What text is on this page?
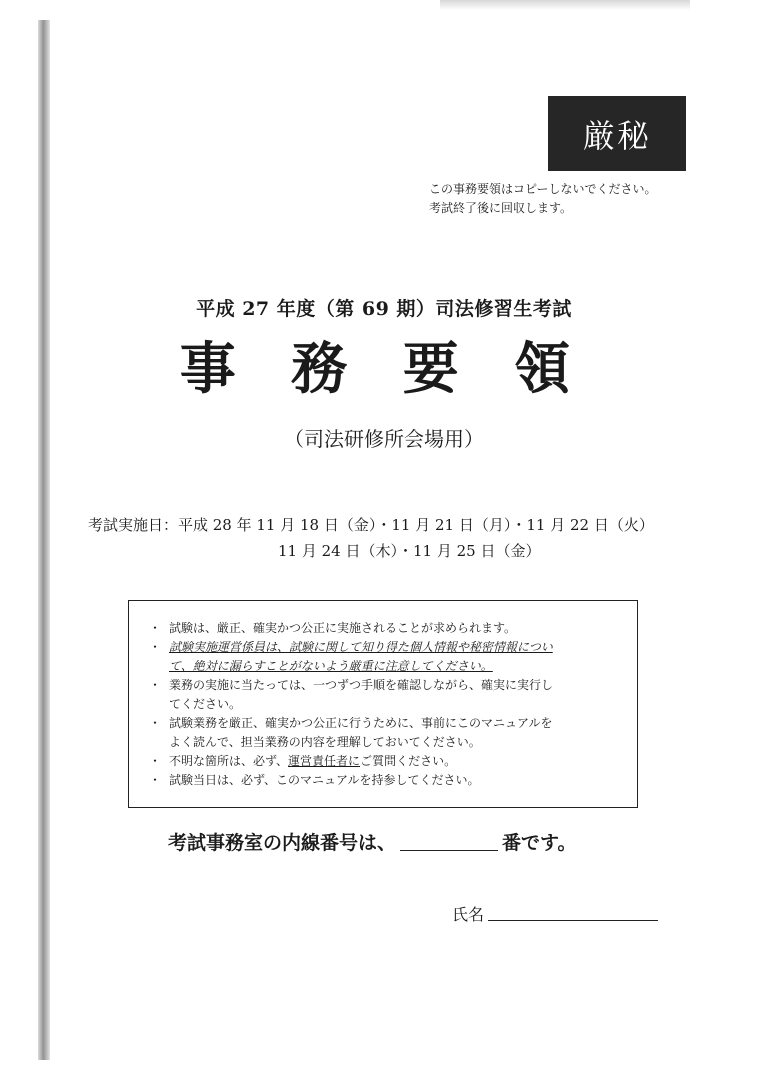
厳秘
この事務要領はコピーしないでください。
考試終了後に回収します。
平成 27 年度（第 69 期）司法修習生考試
事 務 要 領
（司法研修所会場用）
考試実施日：平成 28 年 11 月 18 日（金）・11 月 21 日（月）・11 月 22 日（火）
11 月 24 日（木）・11 月 25 日（金）
・ 試験は、厳正、確実かつ公正に実施されることが求められます。
・ 試験実施運営係員は、試験に関して知り得た個人情報や秘密情報につい
て、絶対に漏らすことがないよう厳重に注意してください。
・ 業務の実施に当たっては、一つずつ手順を確認しながら、確実に実行し
てください。
・ 試験業務を厳正、確実かつ公正に行うために、事前にこのマニュアルを
よく読んで、担当業務の内容を理解しておいてください。
・ 不明な箇所は、必ず、運営責任者にご質問ください。
・ 試験当日は、必ず、このマニュアルを持参してください。
考試事務室の内線番号は、	番です。
氏名
